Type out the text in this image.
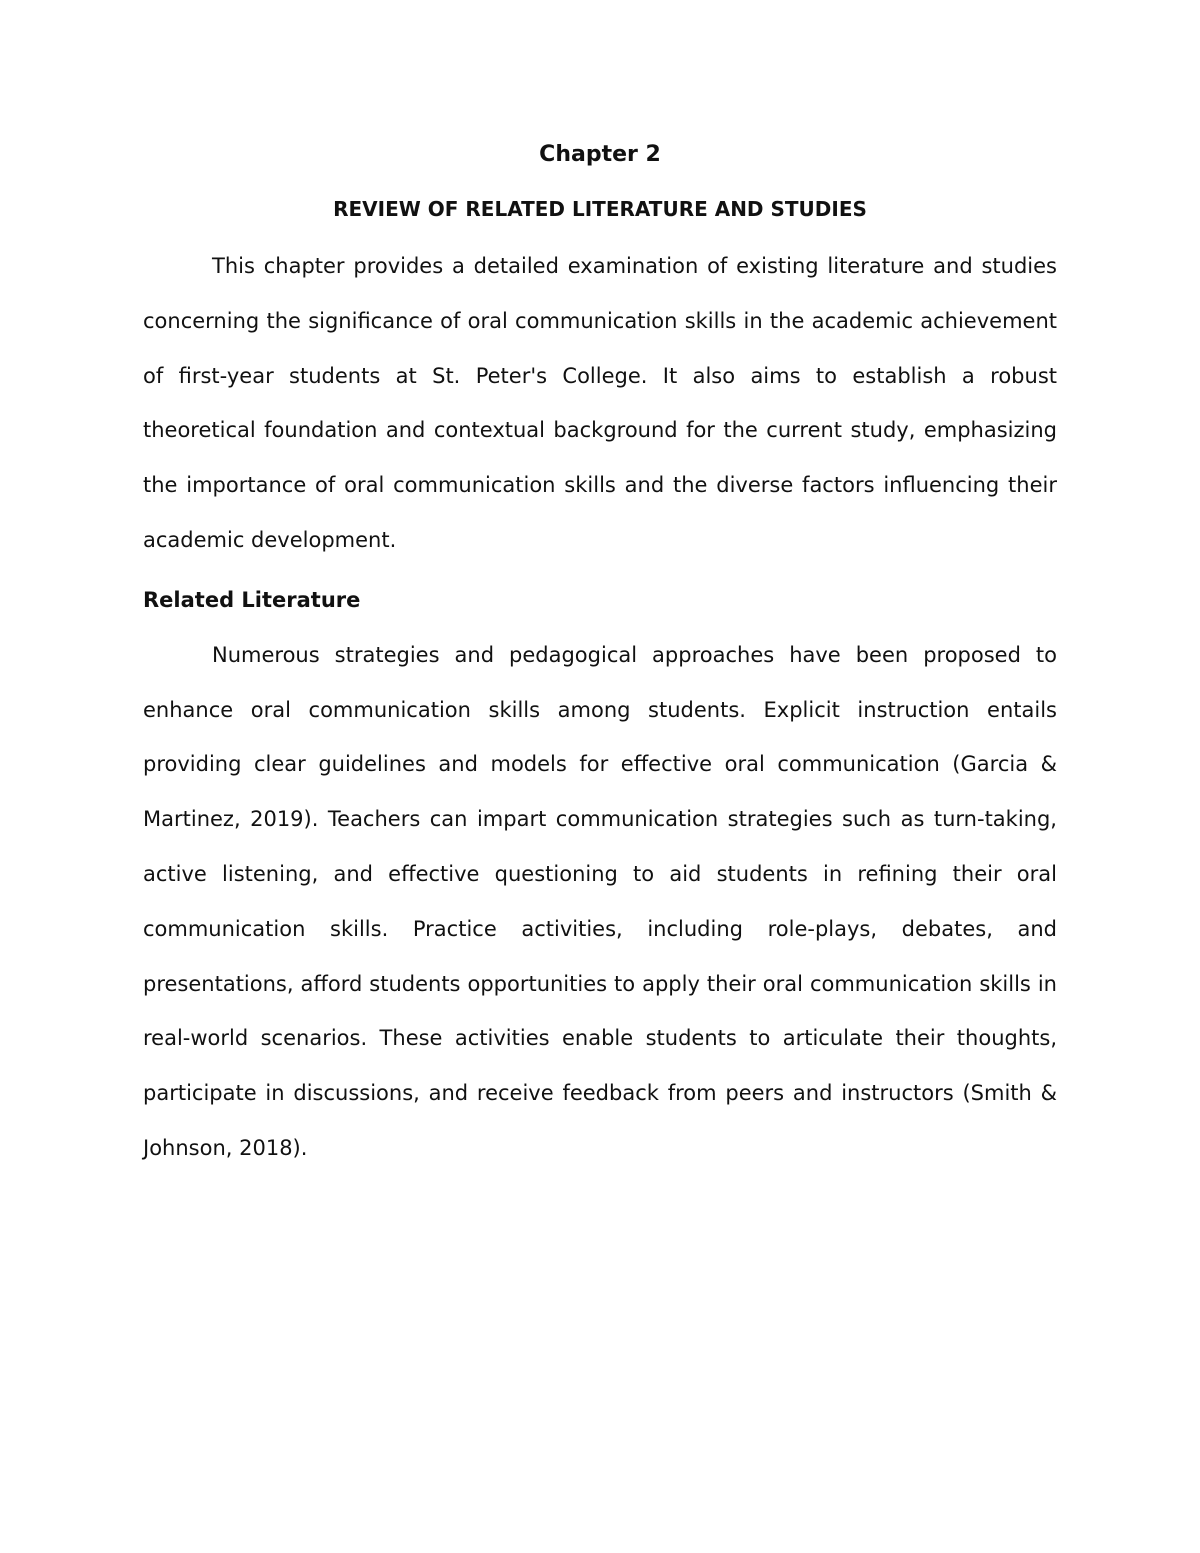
Chapter 2
REVIEW OF RELATED LITERATURE AND STUDIES

This chapter provides a detailed examination of existing literature and studies concerning the significance of oral communication skills in the academic achievement of first-year students at St. Peter's College. It also aims to establish a robust theoretical foundation and contextual background for the current study, emphasizing the importance of oral communication skills and the diverse factors influencing their academic development.

Related Literature

Numerous strategies and pedagogical approaches have been proposed to enhance oral communication skills among students. Explicit instruction entails providing clear guidelines and models for effective oral communication (Garcia & Martinez, 2019). Teachers can impart communication strategies such as turn-taking, active listening, and effective questioning to aid students in refining their oral communication skills. Practice activities, including role-plays, debates, and presentations, afford students opportunities to apply their oral communication skills in real-world scenarios. These activities enable students to articulate their thoughts, participate in discussions, and receive feedback from peers and instructors (Smith & Johnson, 2018).
